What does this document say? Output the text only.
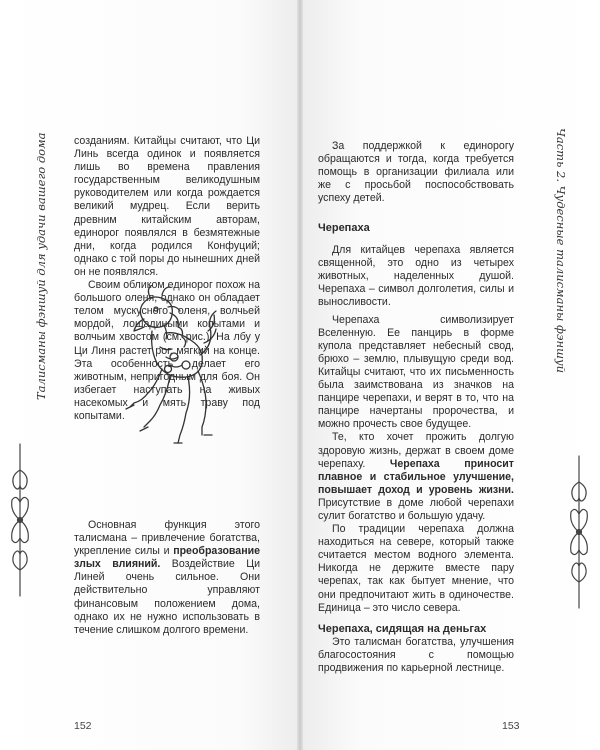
Талисманы фэншуй для удачи вашего дома	Часть 2. Чудесные талисманы фэншуй

созданиям. Китайцы считают, что Ци Линь всегда одинок и появляется лишь во времена правления государственным великодушным руководителем или когда рождается великий мудрец. Если верить древним китайским авторам, единорог появлялся в безмятежные дни, когда родился Конфуций; однако с той поры до нынешних дней он не появлялся.

Своим обликом единорог похож на большого оленя, однако он обладает телом мускусного оленя, волчьей мордой, лошадиными копытами и волчьим хвостом (см. рис.). На лбу у Ци Линя растет рог, мягкий на конце. Эта особенность делает его животным, непригодным для боя. Он избегает наступать на живых насекомых и мять траву под копытами.

Основная функция этого талисмана – привлечение богатства, укрепление силы и преобразование злых влияний. Воздействие Ци Линей очень сильное. Они действительно управляют финансовым положением дома, однако их не нужно использовать в течение слишком долгого времени.

За поддержкой к единорогу обращаются и тогда, когда требуется помощь в организации филиала или же с просьбой поспособствовать успеху детей.

Черепаха

Для китайцев черепаха является священной, это одно из четырех животных, наделенных душой. Черепаха – символ долголетия, силы и выносливости.

Черепаха символизирует Вселенную. Ее панцирь в форме купола представляет небесный свод, брюхо – землю, плывущую среди вод. Китайцы считают, что их письменность была заимствована из значков на панцире черепахи, и верят в то, что на панцире начертаны пророчества, и можно прочесть свое будущее.

Те, кто хочет прожить долгую здоровую жизнь, держат в своем доме черепаху. Черепаха приносит плавное и стабильное улучшение, повышает доход и уровень жизни. Присутствие в доме любой черепахи сулит богатство и большую удачу.

По традиции черепаха должна находиться на севере, который также считается местом водного элемента. Никогда не держите вместе пару черепах, так как бытует мнение, что они предпочитают жить в одиночестве. Единица – это число севера.

Черепаха, сидящая на деньгах

Это талисман богатства, улучшения благосостояния с помощью продвижения по карьерной лестнице.

152	153
